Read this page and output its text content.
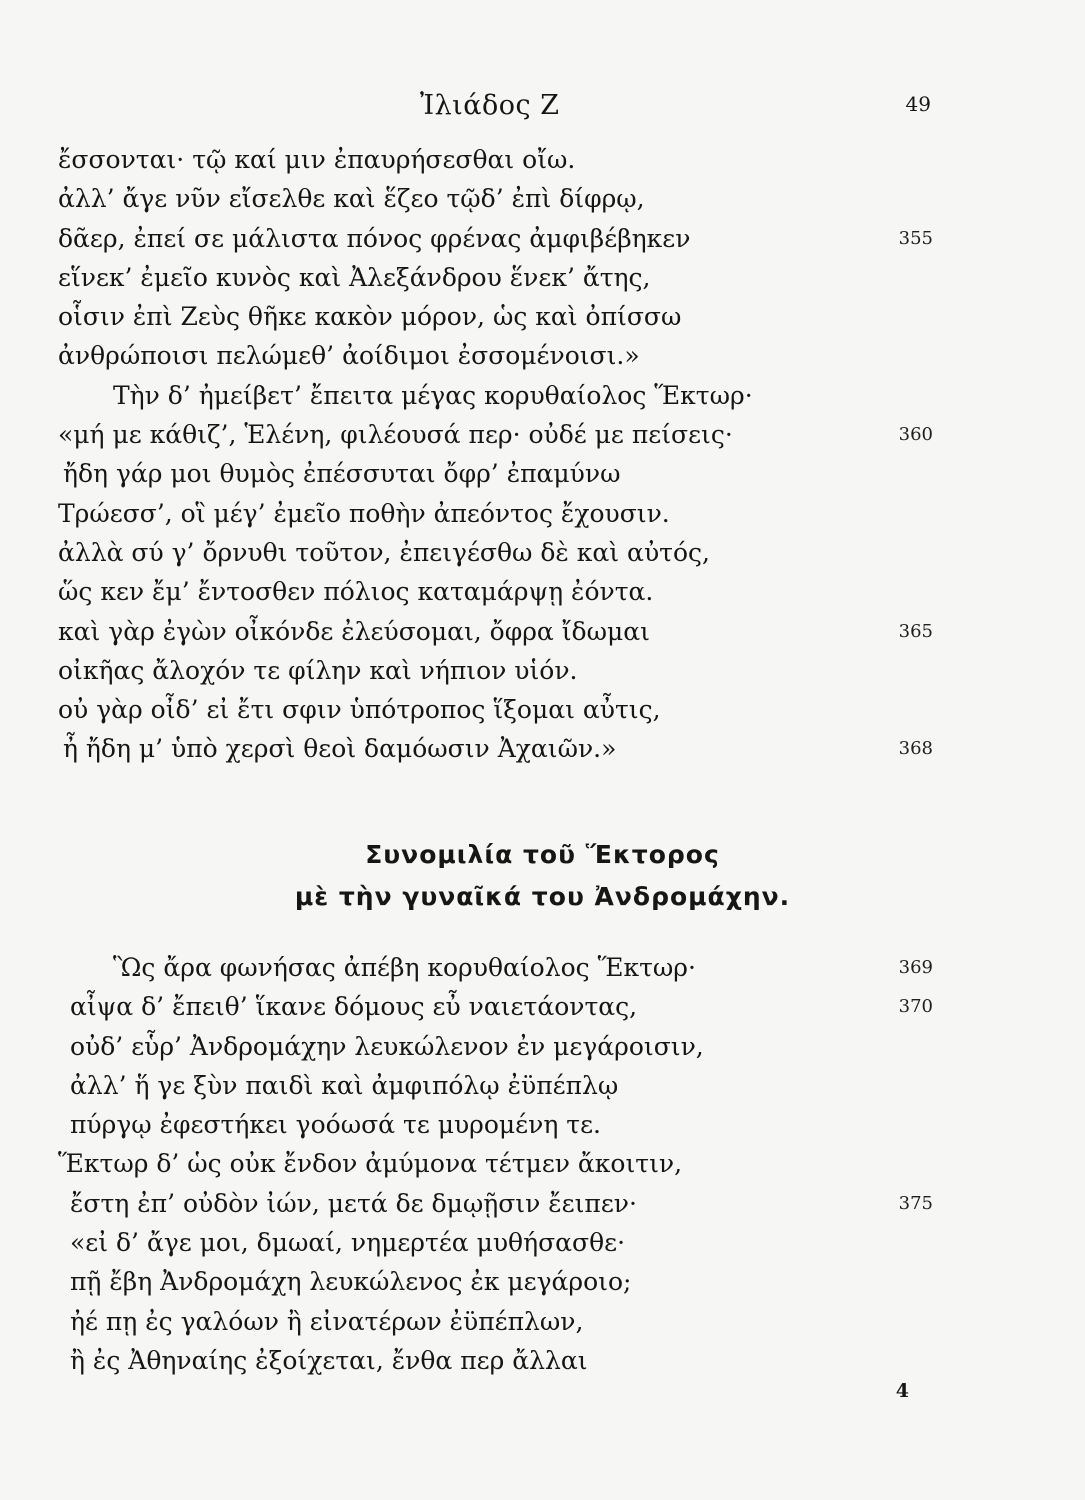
Ἰλιάδος Ζ	49
ἔσσονται· τῷ καί μιν ἐπαυρήσεσθαι οἴω.
ἀλλ’ ἄγε νῦν εἴσελθε καὶ ἕζεο τῷδ’ ἐπὶ δίφρῳ,
δᾶερ, ἐπεί σε μάλιστα πόνος φρένας ἀμφιβέβηκεν	355
εἵνεκ’ ἐμεῖο κυνὸς καὶ Ἀλεξάνδρου ἕνεκ’ ἄτης,
οἷσιν ἐπὶ Ζεὺς θῆκε κακὸν μόρον, ὡς καὶ ὀπίσσω
ἀνθρώποισι πελώμεθ’ ἀοίδιμοι ἐσσομένοισι.»
Τὴν δ’ ἠμείβετ’ ἔπειτα μέγας κορυθαίολος Ἕκτωρ·
«μή με κάθιζ’, Ἑλένη, φιλέουσά περ· οὐδέ με πείσεις·	360
ἤδη γάρ μοι θυμὸς ἐπέσσυται ὄφρ’ ἐπαμύνω
Τρώεσσ’, οἳ μέγ’ ἐμεῖο ποθὴν ἀπεόντος ἔχουσιν.
ἀλλὰ σύ γ’ ὄρνυθι τοῦτον, ἐπειγέσθω δὲ καὶ αὐτός,
ὥς κεν ἔμ’ ἔντοσθεν πόλιος καταμάρψῃ ἐόντα.
καὶ γὰρ ἐγὼν οἶκόνδε ἐλεύσομαι, ὄφρα ἴδωμαι	365
οἰκῆας ἄλοχόν τε φίλην καὶ νήπιον υἱόν.
οὐ γὰρ οἶδ’ εἰ ἔτι σφιν ὑπότροπος ἵξομαι αὖτις,
ἦ ἤδη μ’ ὑπὸ χερσὶ θεοὶ δαμόωσιν Ἀχαιῶν.»	368
Συνομιλία τοῦ Ἕκτορος
μὲ τὴν γυναῖκά του Ἀνδρομάχην.
Ὣς ἄρα φωνήσας ἀπέβη κορυθαίολος Ἕκτωρ·	369
αἶψα δ’ ἔπειθ’ ἵκανε δόμους εὖ ναιετάοντας,	370
οὐδ’ εὗρ’ Ἀνδρομάχην λευκώλενον ἐν μεγάροισιν,
ἀλλ’ ἥ γε ξὺν παιδὶ καὶ ἀμφιπόλῳ ἐϋπέπλῳ
πύργῳ ἐφεστήκει γοόωσά τε μυρομένη τε.
Ἕκτωρ δ’ ὡς οὐκ ἔνδον ἀμύμονα τέτμεν ἄκοιτιν,
ἔστη ἐπ’ οὐδὸν ἰών, μετά δε δμῳῇσιν ἔειπεν·	375
«εἰ δ’ ἄγε μοι, δμωαί, νημερτέα μυθήσασθε·
πῇ ἔβη Ἀνδρομάχη λευκώλενος ἐκ μεγάροιο;
ἠέ πῃ ἐς γαλόων ἢ εἰνατέρων ἐϋπέπλων,
ἢ ἐς Ἀθηναίης ἐξοίχεται, ἔνθα περ ἄλλαι
4
